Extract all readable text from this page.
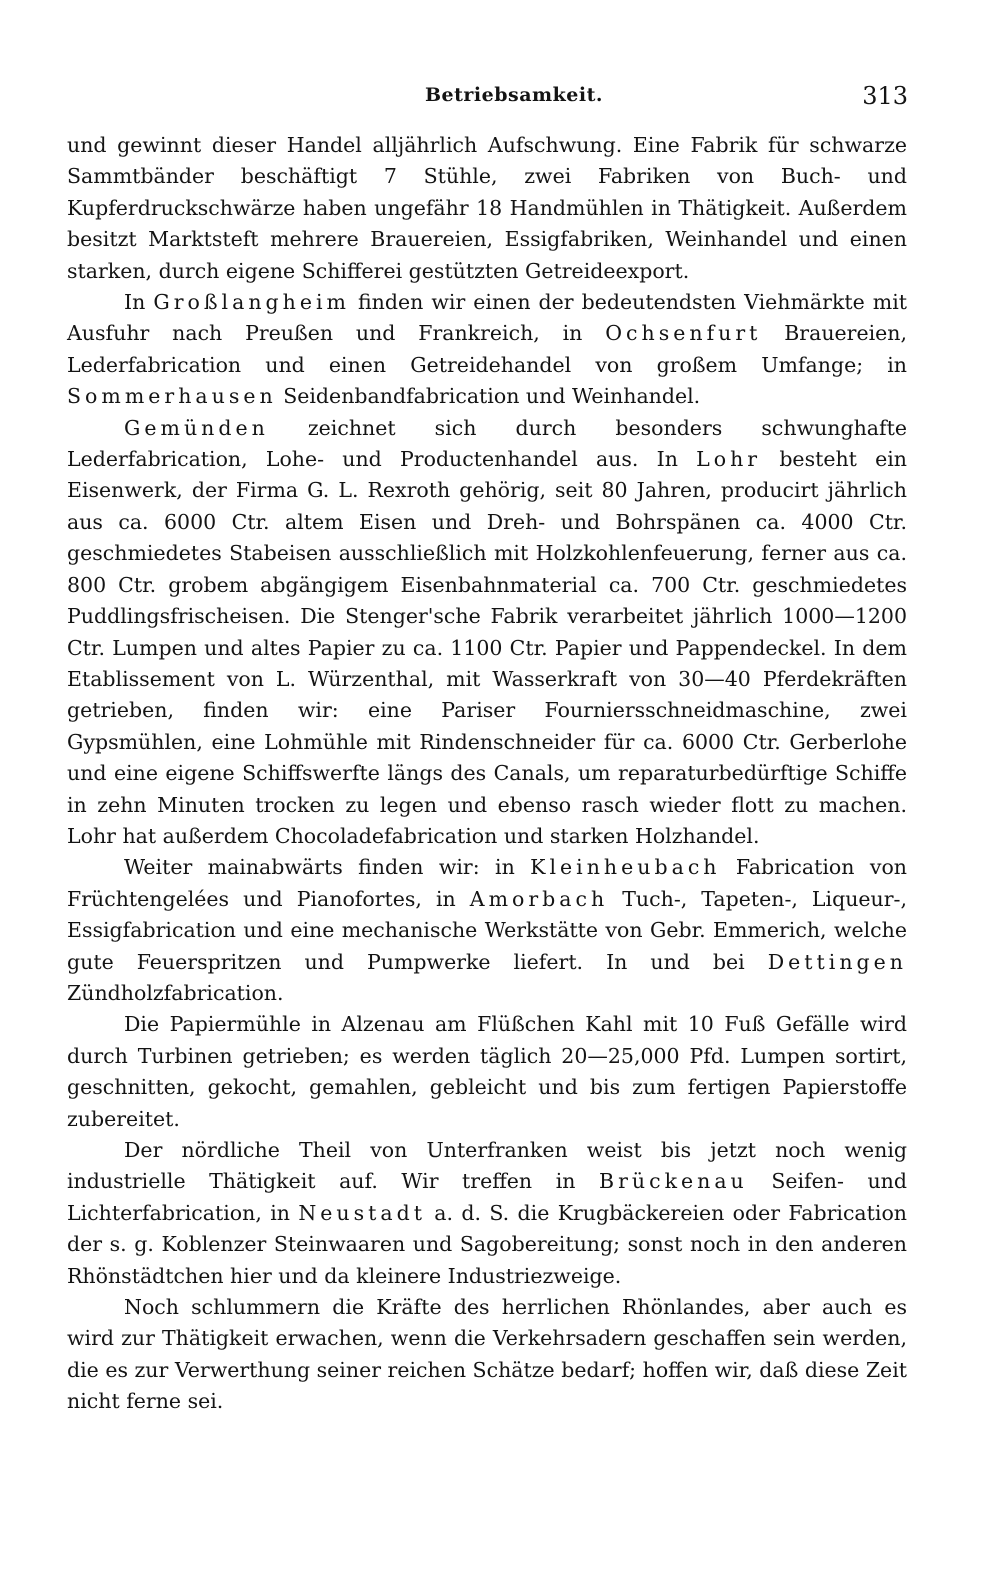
Betriebsamkeit.	313

und gewinnt dieser Handel alljährlich Aufschwung. Eine Fabrik für schwarze Sammtbänder beschäftigt 7 Stühle, zwei Fabriken von Buch- und Kupferdruckschwärze haben ungefähr 18 Handmühlen in Thätigkeit. Außerdem besitzt Marktsteft mehrere Brauereien, Essigfabriken, Weinhandel und einen starken, durch eigene Schifferei gestützten Getreideexport.

In Großlangheim finden wir einen der bedeutendsten Viehmärkte mit Ausfuhr nach Preußen und Frankreich, in Ochsenfurt Brauereien, Lederfabrication und einen Getreidehandel von großem Umfange; in Sommerhausen Seidenbandfabrication und Weinhandel.

Gemünden zeichnet sich durch besonders schwunghafte Lederfabrication, Lohe- und Productenhandel aus. In Lohr besteht ein Eisenwerk, der Firma G. L. Rexroth gehörig, seit 80 Jahren, producirt jährlich aus ca. 6000 Ctr. altem Eisen und Dreh- und Bohrspänen ca. 4000 Ctr. geschmiedetes Stabeisen ausschließlich mit Holzkohlenfeuerung, ferner aus ca. 800 Ctr. grobem abgängigem Eisenbahnmaterial ca. 700 Ctr. geschmiedetes Puddlingsfrischeisen. Die Stenger'sche Fabrik verarbeitet jährlich 1000—1200 Ctr. Lumpen und altes Papier zu ca. 1100 Ctr. Papier und Pappendeckel. In dem Etablissement von L. Würzenthal, mit Wasserkraft von 30—40 Pferdekräften getrieben, finden wir: eine Pariser Fourniersschneidmaschine, zwei Gypsmühlen, eine Lohmühle mit Rindenschneider für ca. 6000 Ctr. Gerberlohe und eine eigene Schiffswerfte längs des Canals, um reparaturbedürftige Schiffe in zehn Minuten trocken zu legen und ebenso rasch wieder flott zu machen. Lohr hat außerdem Chocoladefabrication und starken Holzhandel.

Weiter mainabwärts finden wir: in Kleinheubach Fabrication von Früchtengelées und Pianofortes, in Amorbach Tuch-, Tapeten-, Liqueur-, Essigfabrication und eine mechanische Werkstätte von Gebr. Emmerich, welche gute Feuerspritzen und Pumpwerke liefert. In und bei Dettingen Zündholzfabrication.

Die Papiermühle in Alzenau am Flüßchen Kahl mit 10 Fuß Gefälle wird durch Turbinen getrieben; es werden täglich 20—25,000 Pfd. Lumpen sortirt, geschnitten, gekocht, gemahlen, gebleicht und bis zum fertigen Papierstoffe zubereitet.

Der nördliche Theil von Unterfranken weist bis jetzt noch wenig industrielle Thätigkeit auf. Wir treffen in Brückenau Seifen- und Lichterfabrication, in Neustadt a. d. S. die Krugbäckereien oder Fabrication der s. g. Koblenzer Steinwaaren und Sagobereitung; sonst noch in den anderen Rhönstädtchen hier und da kleinere Industriezweige.

Noch schlummern die Kräfte des herrlichen Rhönlandes, aber auch es wird zur Thätigkeit erwachen, wenn die Verkehrsadern geschaffen sein werden, die es zur Verwerthung seiner reichen Schätze bedarf; hoffen wir, daß diese Zeit nicht ferne sei.
